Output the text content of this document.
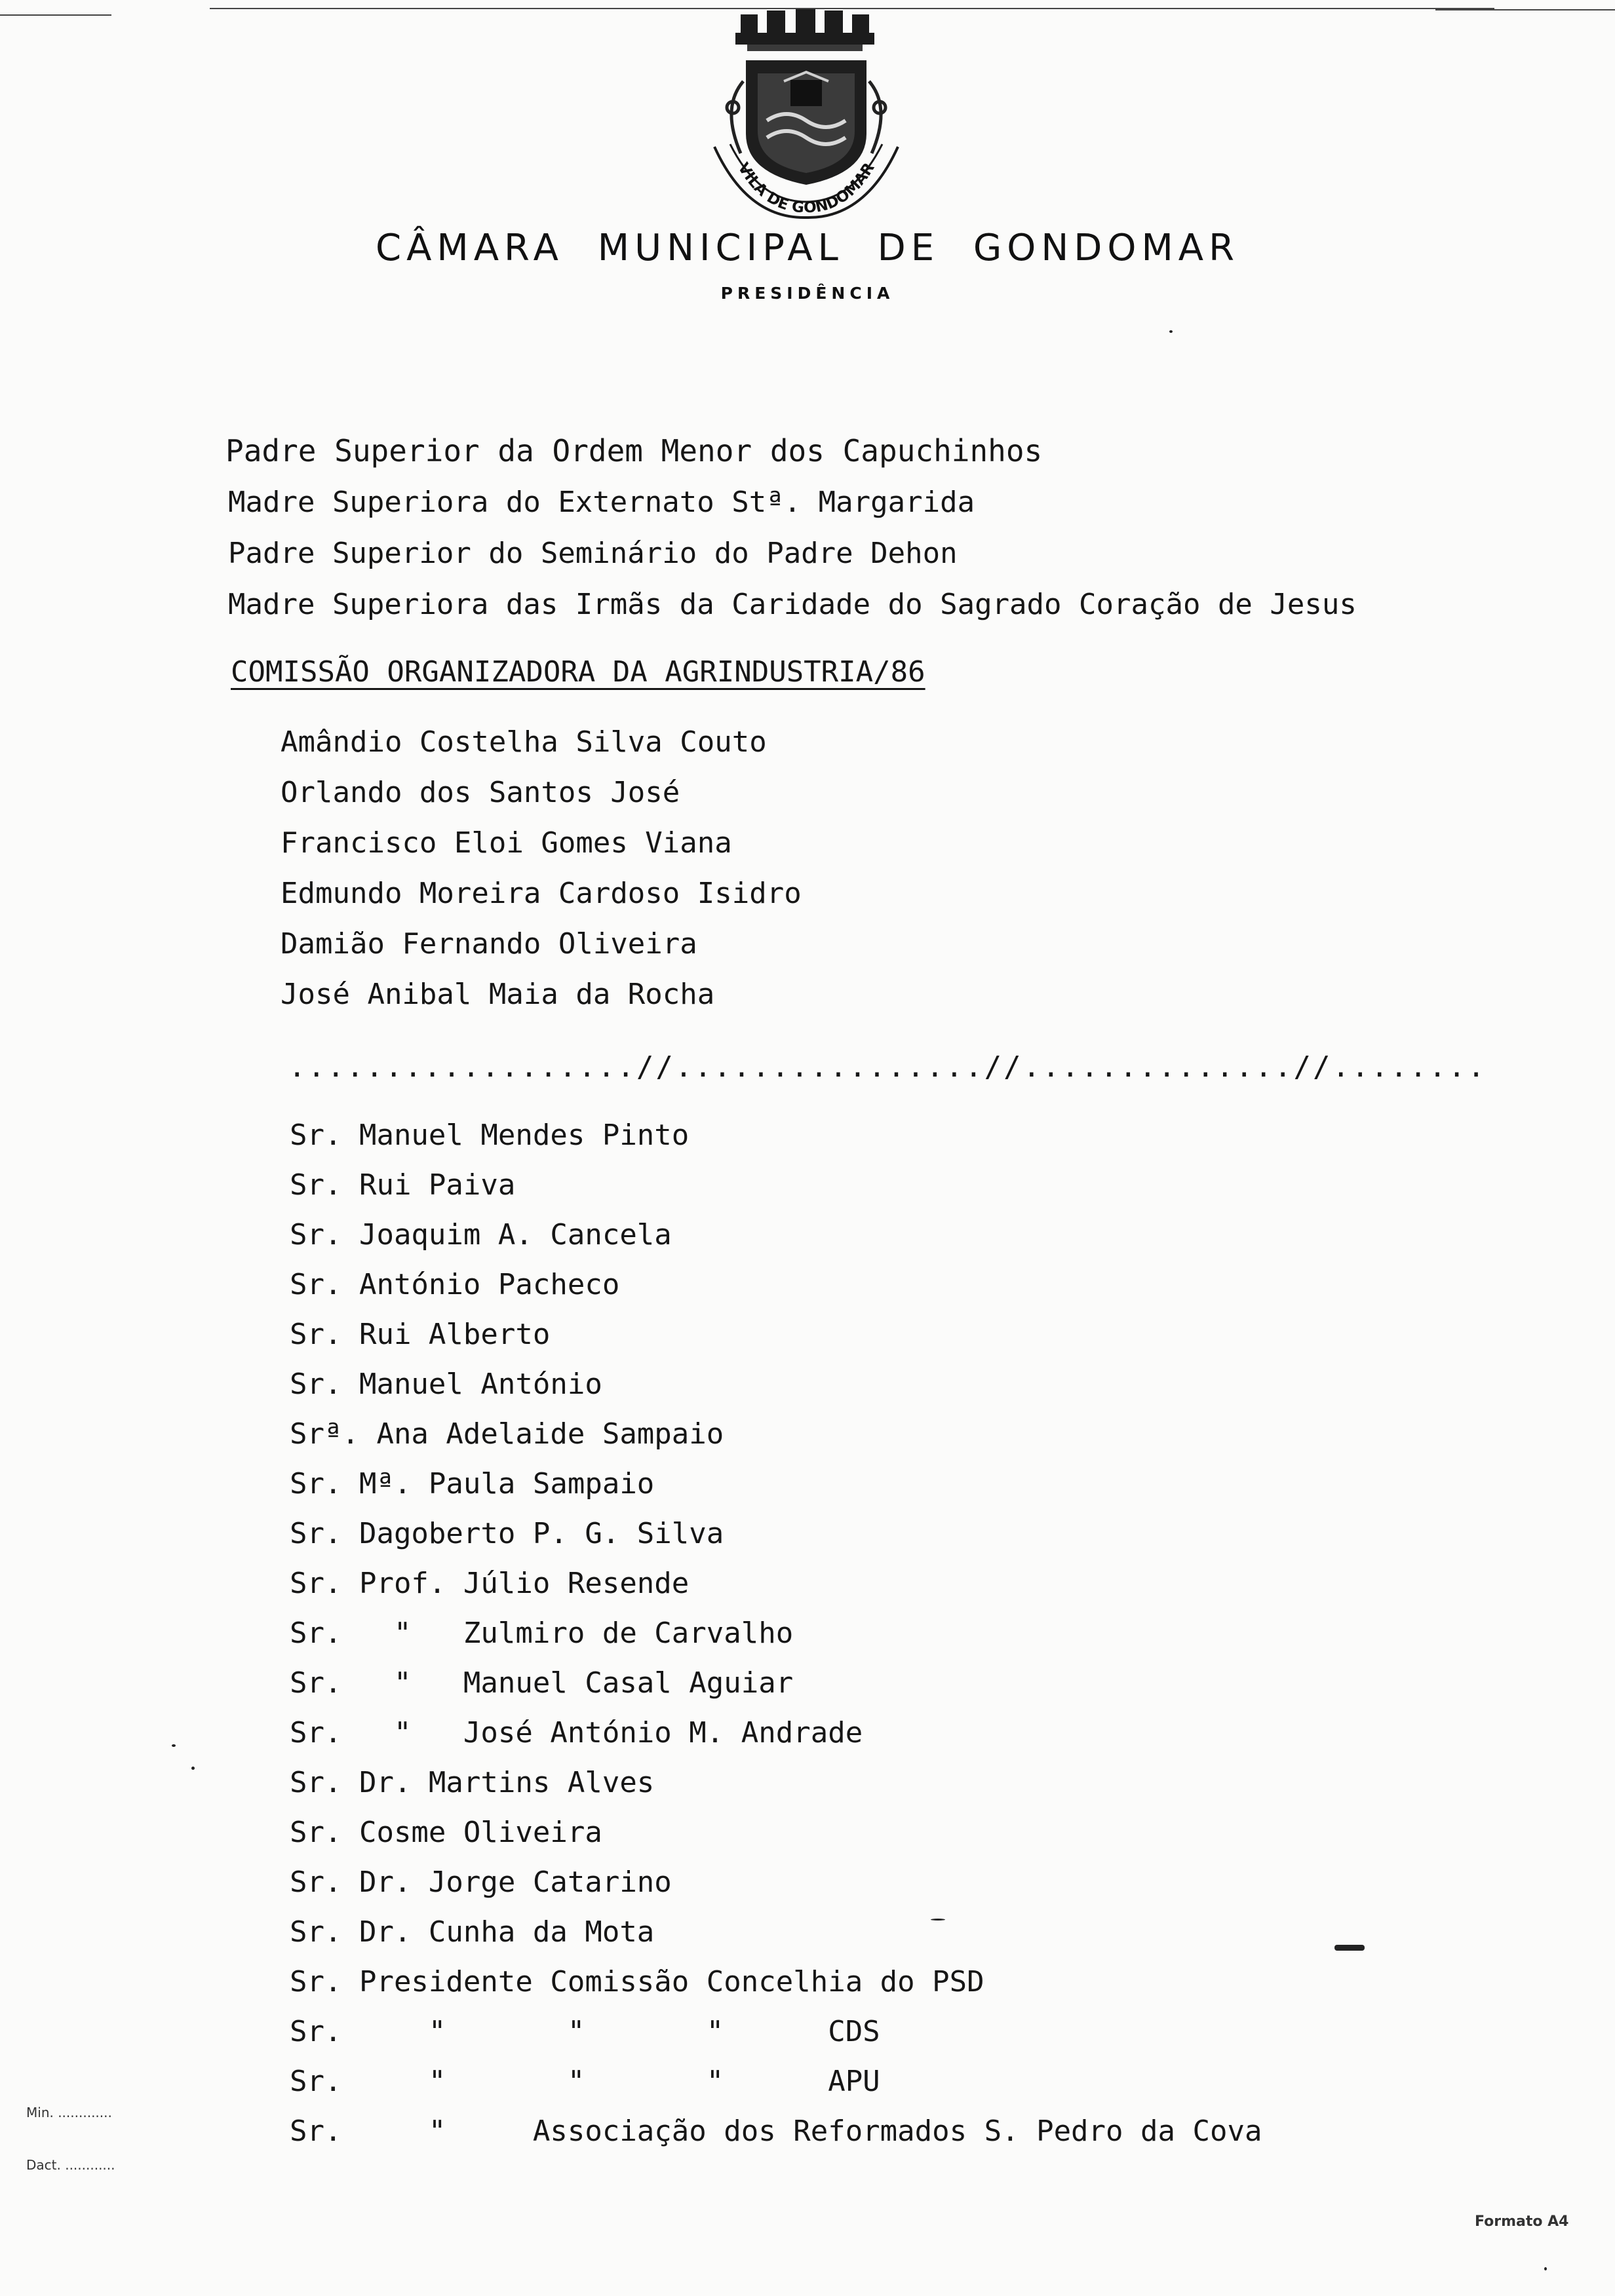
VILA DE GONDOMAR
CÂMARA MUNICIPAL DE GONDOMAR
PRESIDÊNCIA
Padre Superior da Ordem Menor dos Capuchinhos
Madre Superiora do Externato Stª. Margarida
Padre Superior do Seminário do Padre Dehon
Madre Superiora das Irmãs da Caridade do Sagrado Coração de Jesus
COMISSÃO ORGANIZADORA DA AGRINDUSTRIA/86
Amândio Costelha Silva Couto
Orlando dos Santos José
Francisco Eloi Gomes Viana
Edmundo Moreira Cardoso Isidro
Damião Fernando Oliveira
José Anibal Maia da Rocha
..................//................//..............//........
Sr. Manuel Mendes Pinto
Sr. Rui Paiva
Sr. Joaquim A. Cancela
Sr. António Pacheco
Sr. Rui Alberto
Sr. Manuel António
Srª. Ana Adelaide Sampaio
Sr. Mª. Paula Sampaio
Sr. Dagoberto P. G. Silva
Sr. Prof. Júlio Resende
Sr.   "   Zulmiro de Carvalho
Sr.   "   Manuel Casal Aguiar
Sr.   "   José António M. Andrade
Sr. Dr. Martins Alves
Sr. Cosme Oliveira
Sr. Dr. Jorge Catarino
Sr. Dr. Cunha da Mota
Sr. Presidente Comissão Concelhia do PSD
Sr.     "       "       "      CDS
Sr.     "       "       "      APU
Sr.     "     Associação dos Reformados S. Pedro da Cova
Min. .............
Dact. ............
Formato A4
